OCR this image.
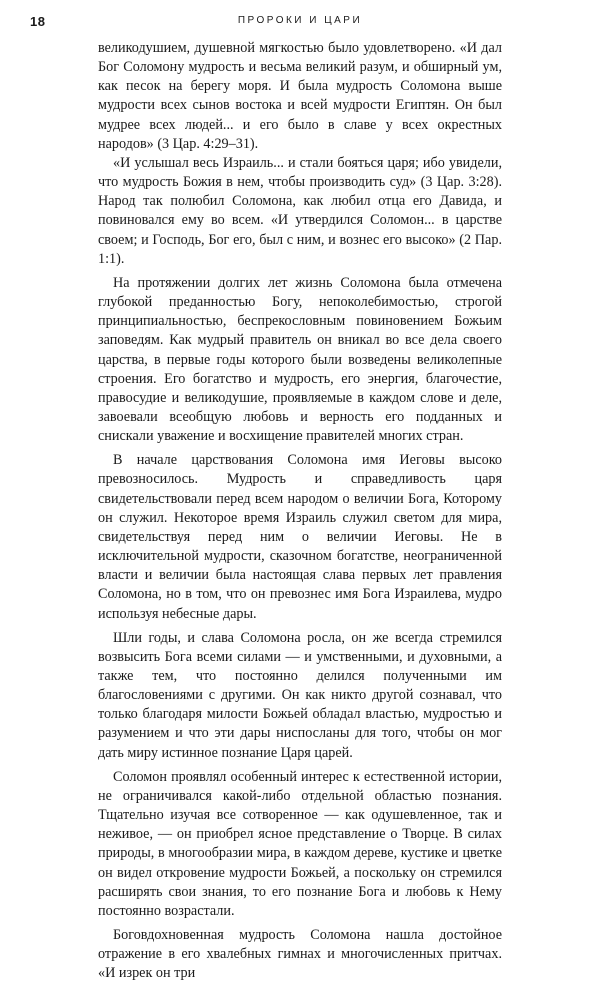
18	ПРОРОКИ И ЦАРИ

великодушием, душевной мягкостью было удовлетворено. «И дал Бог Соломону мудрость и весьма великий разум, и обширный ум, как песок на берегу моря. И была мудрость Соломона выше мудрости всех сынов востока и всей мудрости Египтян. Он был мудрее всех людей... и его было в славе у всех окрестных народов» (3 Цар. 4:29–31).

«И услышал весь Израиль... и стали бояться царя; ибо увидели, что мудрость Божия в нем, чтобы производить суд» (3 Цар. 3:28). Народ так полюбил Соломона, как любил отца его Давида, и повиновался ему во всем. «И утвердился Соломон... в царстве своем; и Господь, Бог его, был с ним, и вознес его высоко» (2 Пар. 1:1).

На протяжении долгих лет жизнь Соломона была отмечена глубокой преданностью Богу, непоколебимостью, строгой принципиальностью, беспрекословным повиновением Божьим заповедям. Как мудрый правитель он вникал во все дела своего царства, в первые годы которого были возведены великолепные строения. Его богатство и мудрость, его энергия, благочестие, правосудие и великодушие, проявляемые в каждом слове и деле, завоевали всеобщую любовь и верность его подданных и снискали уважение и восхищение правителей многих стран.

В начале царствования Соломона имя Иеговы высоко превозносилось. Мудрость и справедливость царя свидетельствовали перед всем народом о величии Бога, Которому он служил. Некоторое время Израиль служил светом для мира, свидетельствуя перед ним о величии Иеговы. Не в исключительной мудрости, сказочном богатстве, неограниченной власти и величии была настоящая слава первых лет правления Соломона, но в том, что он превознес имя Бога Израилева, мудро используя небесные дары.

Шли годы, и слава Соломона росла, он же всегда стремился возвысить Бога всеми силами — и умственными, и духовными, а также тем, что постоянно делился полученными им благословениями с другими. Он как никто другой сознавал, что только благодаря милости Божьей обладал властью, мудростью и разумением и что эти дары ниспосланы для того, чтобы он мог дать миру истинное познание Царя царей.

Соломон проявлял особенный интерес к естественной истории, не ограничивался какой-либо отдельной областью познания. Тщательно изучая все сотворенное — как одушевленное, так и неживое, — он приобрел ясное представление о Творце. В силах природы, в многообразии мира, в каждом дереве, кустике и цветке он видел откровение мудрости Божьей, а поскольку он стремился расширять свои знания, то его познание Бога и любовь к Нему постоянно возрастали.

Боговдохновенная мудрость Соломона нашла достойное отражение в его хвалебных гимнах и многочисленных притчах. «И изрек он три
